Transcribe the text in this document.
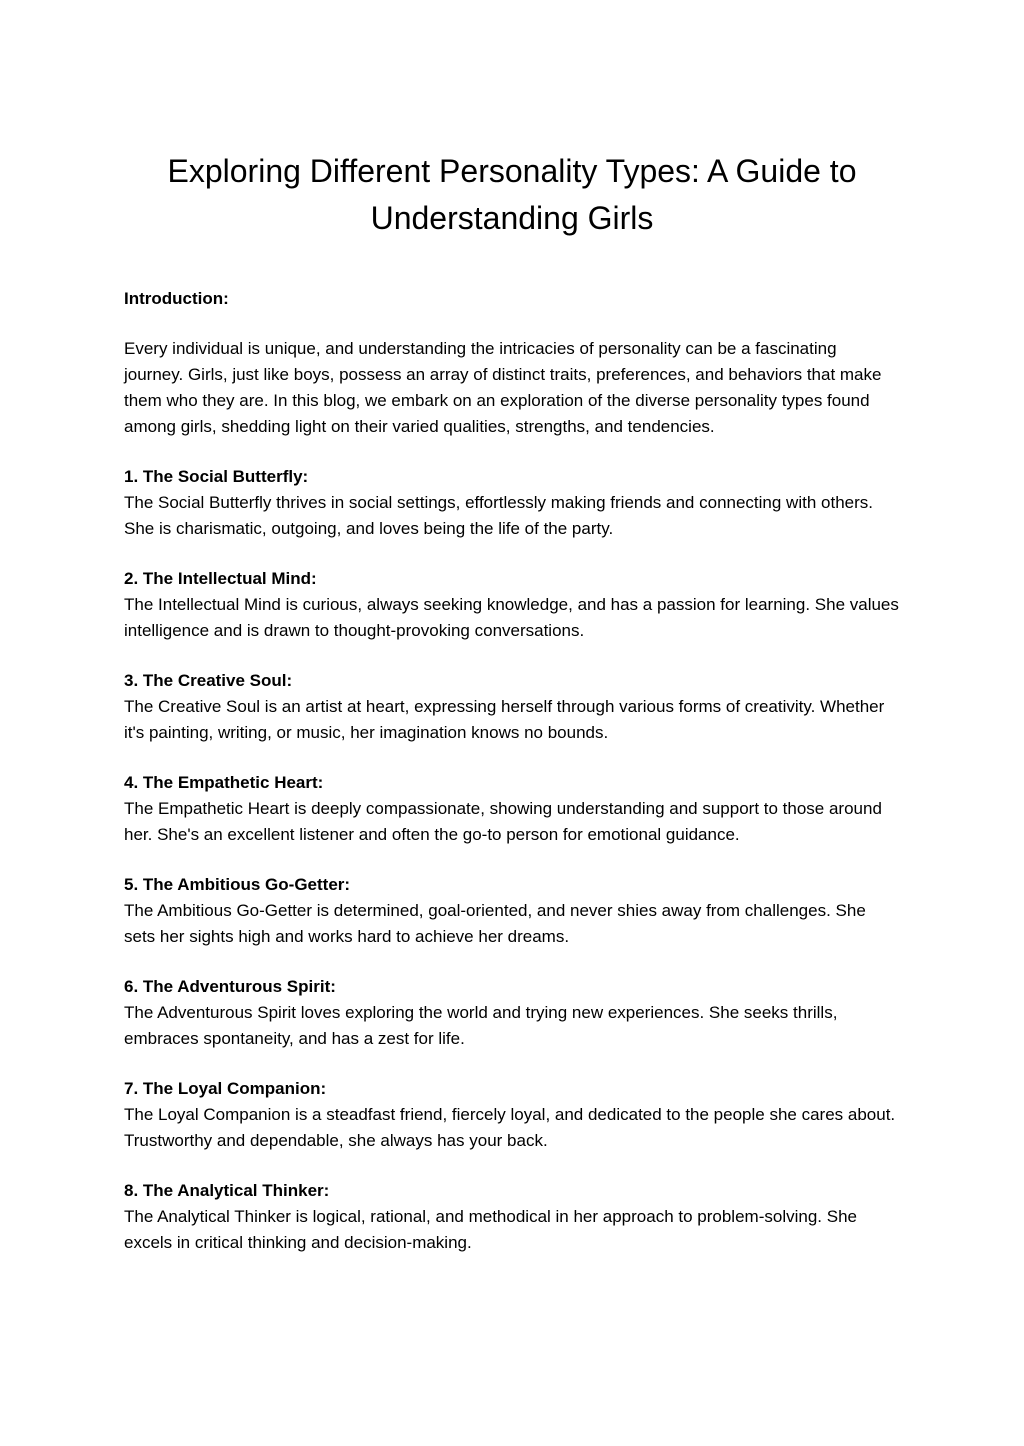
Exploring Different Personality Types: A Guide to Understanding Girls

Introduction:

Every individual is unique, and understanding the intricacies of personality can be a fascinating journey. Girls, just like boys, possess an array of distinct traits, preferences, and behaviors that make them who they are. In this blog, we embark on an exploration of the diverse personality types found among girls, shedding light on their varied qualities, strengths, and tendencies.

1. The Social Butterfly:

The Social Butterfly thrives in social settings, effortlessly making friends and connecting with others. She is charismatic, outgoing, and loves being the life of the party.

2. The Intellectual Mind:

The Intellectual Mind is curious, always seeking knowledge, and has a passion for learning. She values intelligence and is drawn to thought-provoking conversations.

3. The Creative Soul:

The Creative Soul is an artist at heart, expressing herself through various forms of creativity. Whether it's painting, writing, or music, her imagination knows no bounds.

4. The Empathetic Heart:

The Empathetic Heart is deeply compassionate, showing understanding and support to those around her. She's an excellent listener and often the go-to person for emotional guidance.

5. The Ambitious Go-Getter:

The Ambitious Go-Getter is determined, goal-oriented, and never shies away from challenges. She sets her sights high and works hard to achieve her dreams.

6. The Adventurous Spirit:

The Adventurous Spirit loves exploring the world and trying new experiences. She seeks thrills, embraces spontaneity, and has a zest for life.

7. The Loyal Companion:

The Loyal Companion is a steadfast friend, fiercely loyal, and dedicated to the people she cares about. Trustworthy and dependable, she always has your back.

8. The Analytical Thinker:

The Analytical Thinker is logical, rational, and methodical in her approach to problem-solving. She excels in critical thinking and decision-making.
